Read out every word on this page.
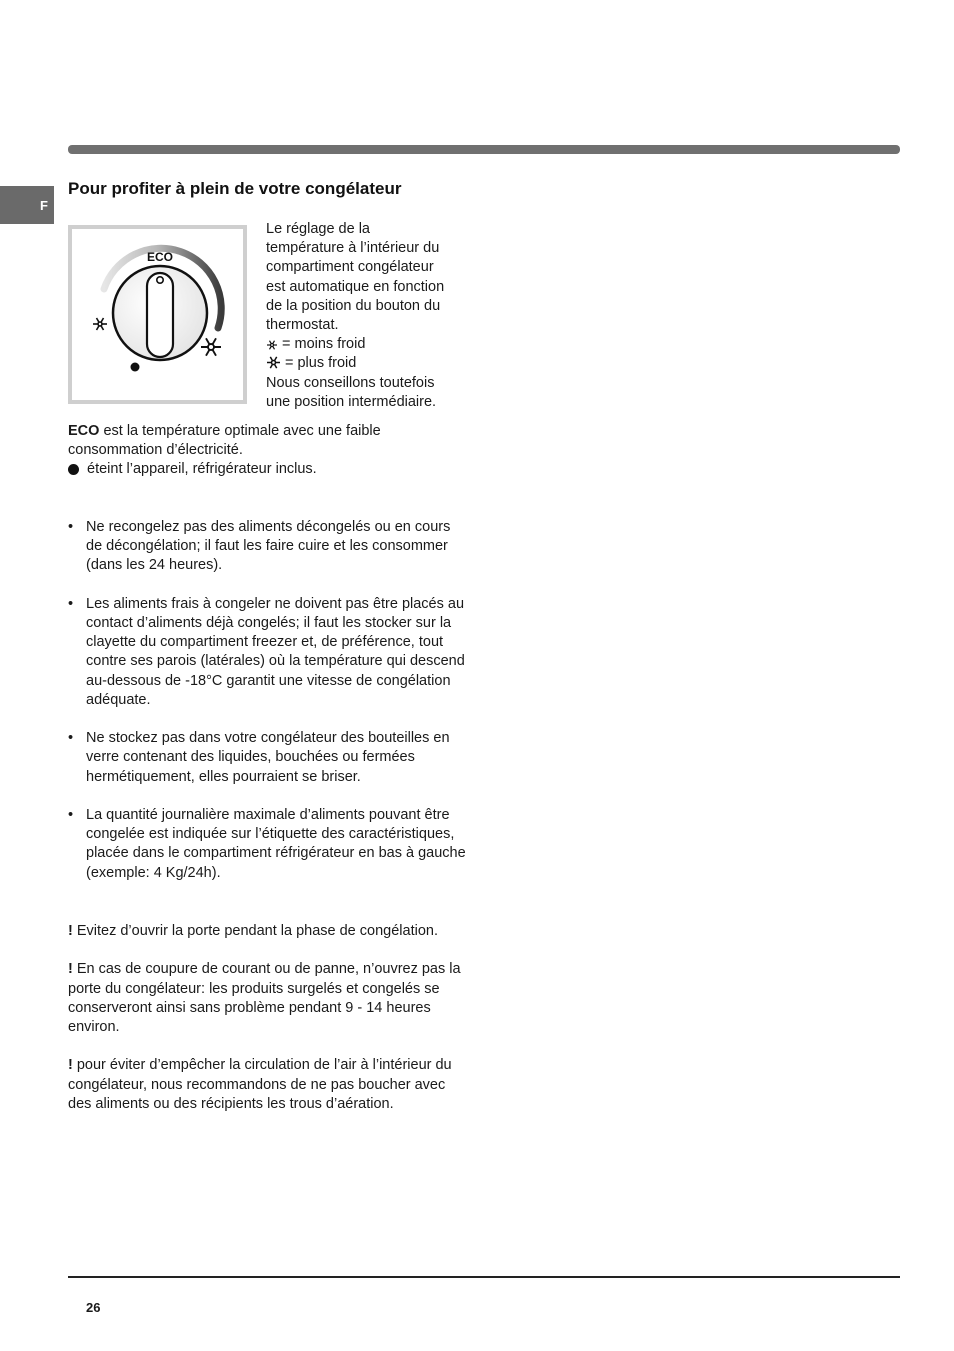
F
Pour profiter à plein de votre congélateur
ECO
Le réglage de la
température à l’intérieur du
compartiment congélateur
est automatique en fonction
de la position du bouton du
thermostat.
= moins froid
= plus froid
Nous conseillons toutefois
une position intermédiaire.

ECO est la température optimale avec une faible consommation d’électricité.
éteint l’appareil, réfrigérateur inclus.

• Ne recongelez pas des aliments décongelés ou en cours de décongélation; il faut les faire cuire et les consommer (dans les 24 heures).
• Les aliments frais à congeler ne doivent pas être placés au contact d’aliments déjà congelés; il faut les stocker sur la clayette du compartiment freezer et, de préférence, tout contre ses parois (latérales) où la température qui descend au-dessous de -18°C garantit une vitesse de congélation adéquate.
• Ne stockez pas dans votre congélateur des bouteilles en verre contenant des liquides, bouchées ou fermées hermétiquement, elles pourraient se briser.
• La quantité journalière maximale d’aliments pouvant être congelée est indiquée sur l’étiquette des caractéristiques, placée dans le compartiment réfrigérateur en bas à gauche (exemple: 4 Kg/24h).

! Evitez d’ouvrir la porte pendant la phase de congélation.

! En cas de coupure de courant ou de panne, n’ouvrez pas la porte du congélateur: les produits surgelés et congelés se conserveront ainsi sans problème pendant 9 - 14 heures environ.

! pour éviter d’empêcher la circulation de l’air à l’intérieur du congélateur, nous recommandons de ne pas boucher avec des aliments ou des récipients les trous d’aération.

26
